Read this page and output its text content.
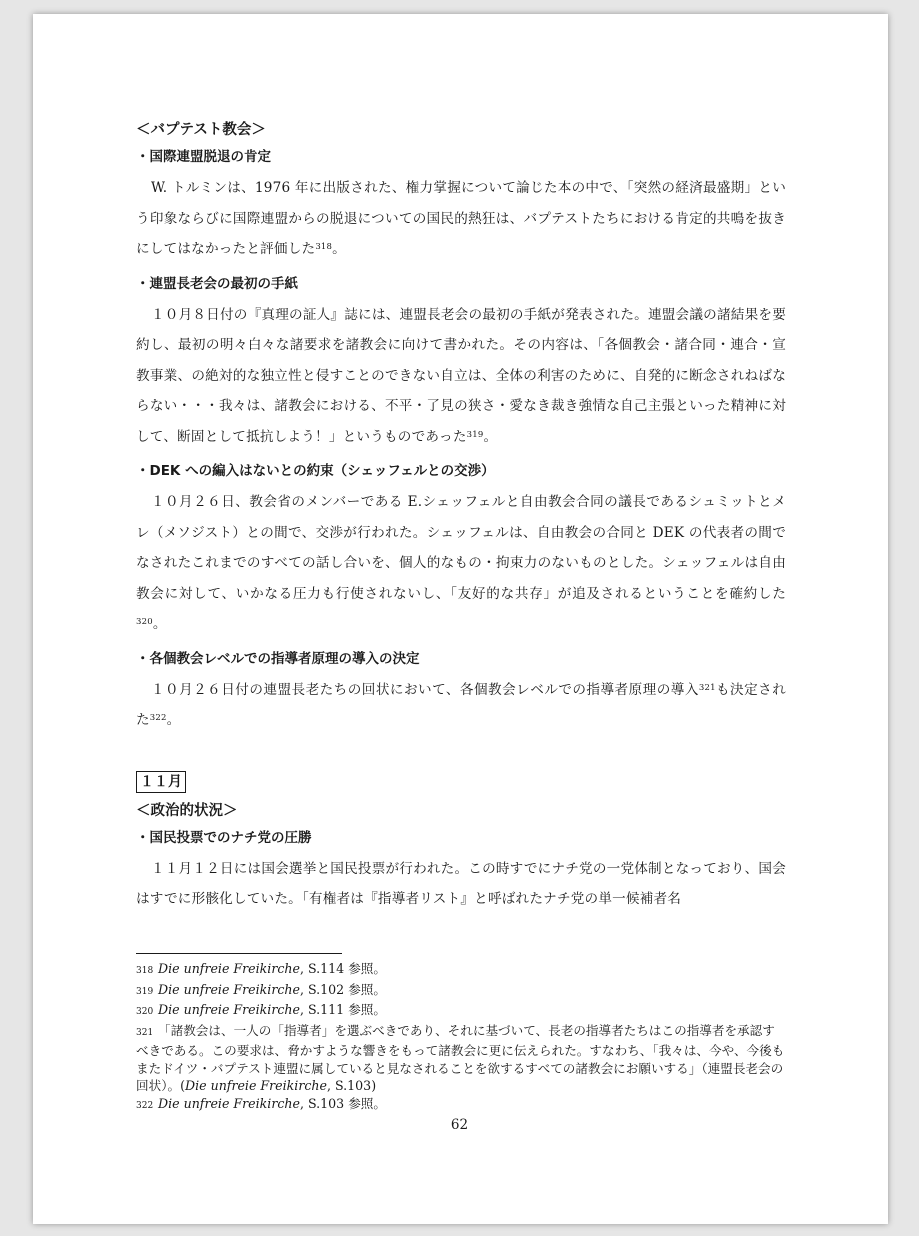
＜バプテスト教会＞
・国際連盟脱退の肯定

W. トルミンは、1976 年に出版された、権力掌握について論じた本の中で、「突然の経済最盛期」という印象ならびに国際連盟からの脱退についての国民的熱狂は、バプテストたちにおける肯定的共鳴を抜きにしてはなかったと評価した$^{318}$。

・連盟長老会の最初の手紙

１０月８日付の『真理の証人』誌には、連盟長老会の最初の手紙が発表された。連盟会議の諸結果を要約し、最初の明々白々な諸要求を諸教会に向けて書かれた。その内容は、「各個教会・諸合同・連合・宣教事業、の絶対的な独立性と侵すことのできない自立は、全体の利害のために、自発的に断念されねばならない・・・我々は、諸教会における、不平・了見の狭さ・愛なき裁き強情な自己主張といった精神に対して、断固として抵抗しよう！」というものであった$^{319}$。

・DEK への編入はないとの約束（シェッフェルとの交渉）

１０月２６日、教会省のメンバーである E.シェッフェルと自由教会合同の議長であるシュミットとメレ（メソジスト）との間で、交渉が行われた。シェッフェルは、自由教会の合同と DEK の代表者の間でなされたこれまでのすべての話し合いを、個人的なもの・拘束力のないものとした。シェッフェルは自由教会に対して、いかなる圧力も行使されないし、「友好的な共存」が追及されるということを確約した$^{320}$。

・各個教会レベルでの指導者原理の導入の決定

１０月２６日付の連盟長老たちの回状において、各個教会レベルでの指導者原理の導入$^{321}$も決定された$^{322}$。

１１月
＜政治的状況＞
・国民投票でのナチ党の圧勝

１１月１２日には国会選挙と国民投票が行われた。この時すでにナチ党の一党体制となっており、国会はすでに形骸化していた。「有権者は『指導者リスト』と呼ばれたナチ党の単一候補者名

318 Die unfreie Freikirche, S.114 参照。

319 Die unfreie Freikirche, S.102 参照。

320 Die unfreie Freikirche, S.111 参照。

321 「諸教会は、一人の「指導者」を選ぶべきであり、それに基づいて、長老の指導者たちはこの指導者を承認すべきである。この要求は、脅かすような響きをもって諸教会に更に伝えられた。すなわち、「我々は、今や、今後もまたドイツ・バプテスト連盟に属していると見なされることを欲するすべての諸教会にお願いする」（連盟長老会の回状）。(Die unfreie Freikirche, S.103)

322 Die unfreie Freikirche, S.103 参照。

62
